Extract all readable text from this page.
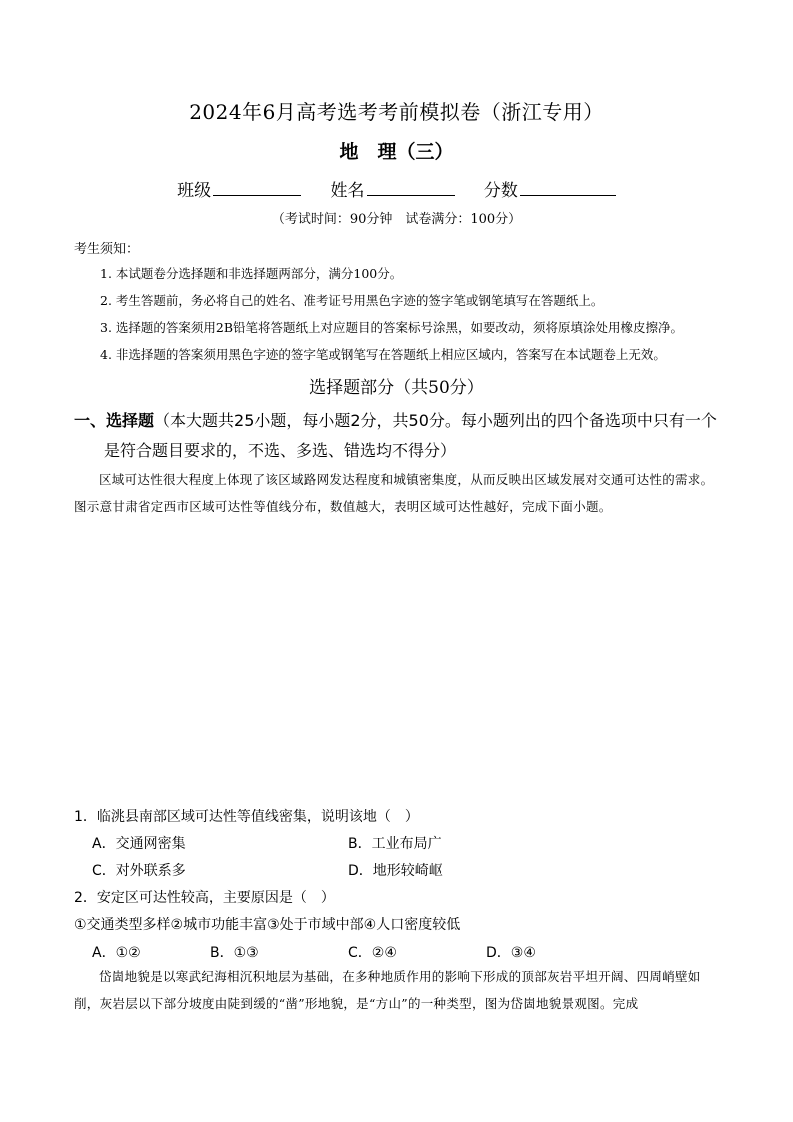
2024年6月高考选考考前模拟卷（浙江专用）
地　理（三）
班级	姓名	分数
（考试时间：90分钟　试卷满分：100分）
考生须知：
1. 本试题卷分选择题和非选择题两部分，满分100分。
2. 考生答题前，务必将自己的姓名、准考证号用黑色字迹的签字笔或钢笔填写在答题纸上。
3. 选择题的答案须用2B铅笔将答题纸上对应题目的答案标号涂黑，如要改动，须将原填涂处用橡皮擦净。
4. 非选择题的答案须用黑色字迹的签字笔或钢笔写在答题纸上相应区域内，答案写在本试题卷上无效。
选择题部分（共50分）
一、选择题（本大题共25小题，每小题2分，共50分。每小题列出的四个备选项中只有一个
是符合题目要求的，不选、多选、错选均不得分）
区域可达性很大程度上体现了该区域路网发达程度和城镇密集度，从而反映出区域发展对交通可达性的需求。图示意甘肃省定西市区域可达性等值线分布，数值越大，表明区域可达性越好，完成下面小题。
1．临洮县南部区域可达性等值线密集，说明该地（　）
A．交通网密集	B．工业布局广
C．对外联系多	D．地形较崎岖
2．安定区可达性较高，主要原因是（　）
①交通类型多样②城市功能丰富③处于市域中部④人口密度较低
A．①②	B．①③	C．②④	D．③④
岱崮地貌是以寒武纪海相沉积地层为基础，在多种地质作用的影响下形成的顶部灰岩平坦开阔、四周峭壁如削，灰岩层以下部分坡度由陡到缓的“凿”形地貌，是“方山”的一种类型，图为岱崮地貌景观图。完成
